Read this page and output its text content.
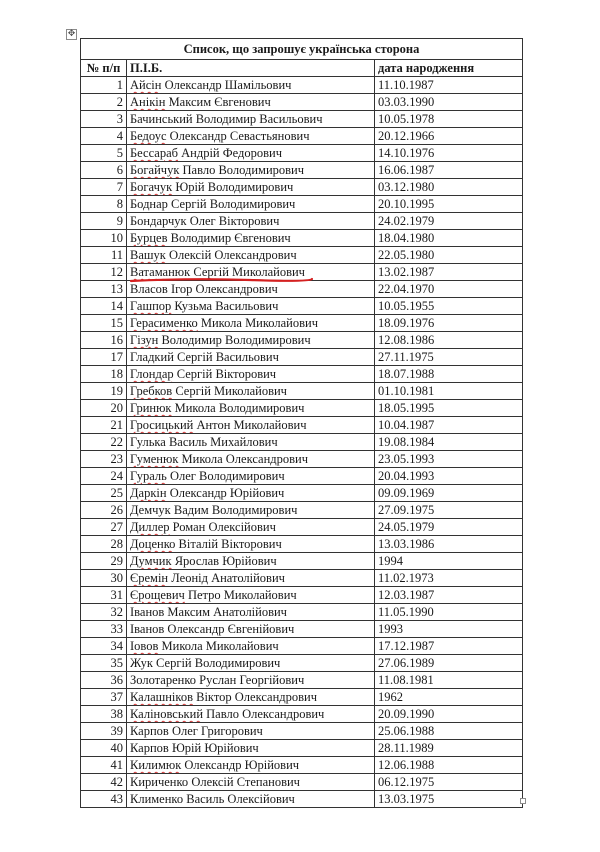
✥
Список, що запрошує українська сторона		
№ п/п	П.І.Б.	дата народження
1	Айсін Олександр Шамільович	11.10.1987
2	Анікін Максим Євгенович	03.03.1990
3	Бачинський Володимир Васильович	10.05.1978
4	Бедоус Олександр Севастьянович	20.12.1966
5	Бессараб Андрій Федорович	14.10.1976
6	Богайчук Павло Володимирович	16.06.1987
7	Богачук Юрій Володимирович	03.12.1980
8	Боднар Сергій Володимирович	20.10.1995
9	Бондарчук Олег Вікторович	24.02.1979
10	Бурцев Володимир Євгенович	18.04.1980
11	Вашук Олексій Олександрович	22.05.1980
12	Ватаманюк Сергій Миколайович	13.02.1987
13	Власов Ігор Олександрович	22.04.1970
14	Гашпор Кузьма Васильович	10.05.1955
15	Герасименко Микола Миколайович	18.09.1976
16	Гізун Володимир Володимирович	12.08.1986
17	Гладкий Сергій Васильович	27.11.1975
18	Глондар Сергій Вікторович	18.07.1988
19	Гребков Сергій Миколайович	01.10.1981
20	Гринюк Микола Володимирович	18.05.1995
21	Гросицький Антон Миколайович	10.04.1987
22	Гулька Василь Михайлович	19.08.1984
23	Гуменюк Микола Олександрович	23.05.1993
24	Гураль Олег Володимирович	20.04.1993
25	Даркін Олександр Юрійович	09.09.1969
26	Демчук Вадим Володимирович	27.09.1975
27	Диллер Роман Олексійович	24.05.1979
28	Доценко Віталій Вікторович	13.03.1986
29	Думчик Ярослав Юрійович	1994
30	Єремін Леонід Анатолійович	11.02.1973
31	Єрощевич Петро Миколайович	12.03.1987
32	Іванов Максим Анатолійович	11.05.1990
33	Іванов Олександр Євгенійович	1993
34	Іовов Микола Миколайович	17.12.1987
35	Жук Сергій Володимирович	27.06.1989
36	Золотаренко Руслан Георгійович	11.08.1981
37	Калашніков Віктор Олександрович	1962
38	Каліновський Павло Олександрович	20.09.1990
39	Карпов Олег Григорович	25.06.1988
40	Карпов Юрій Юрійович	28.11.1989
41	Килимюк Олександр Юрійович	12.06.1988
42	Кириченко Олексій Степанович	06.12.1975
43	Клименко Василь Олексійович	13.03.1975
